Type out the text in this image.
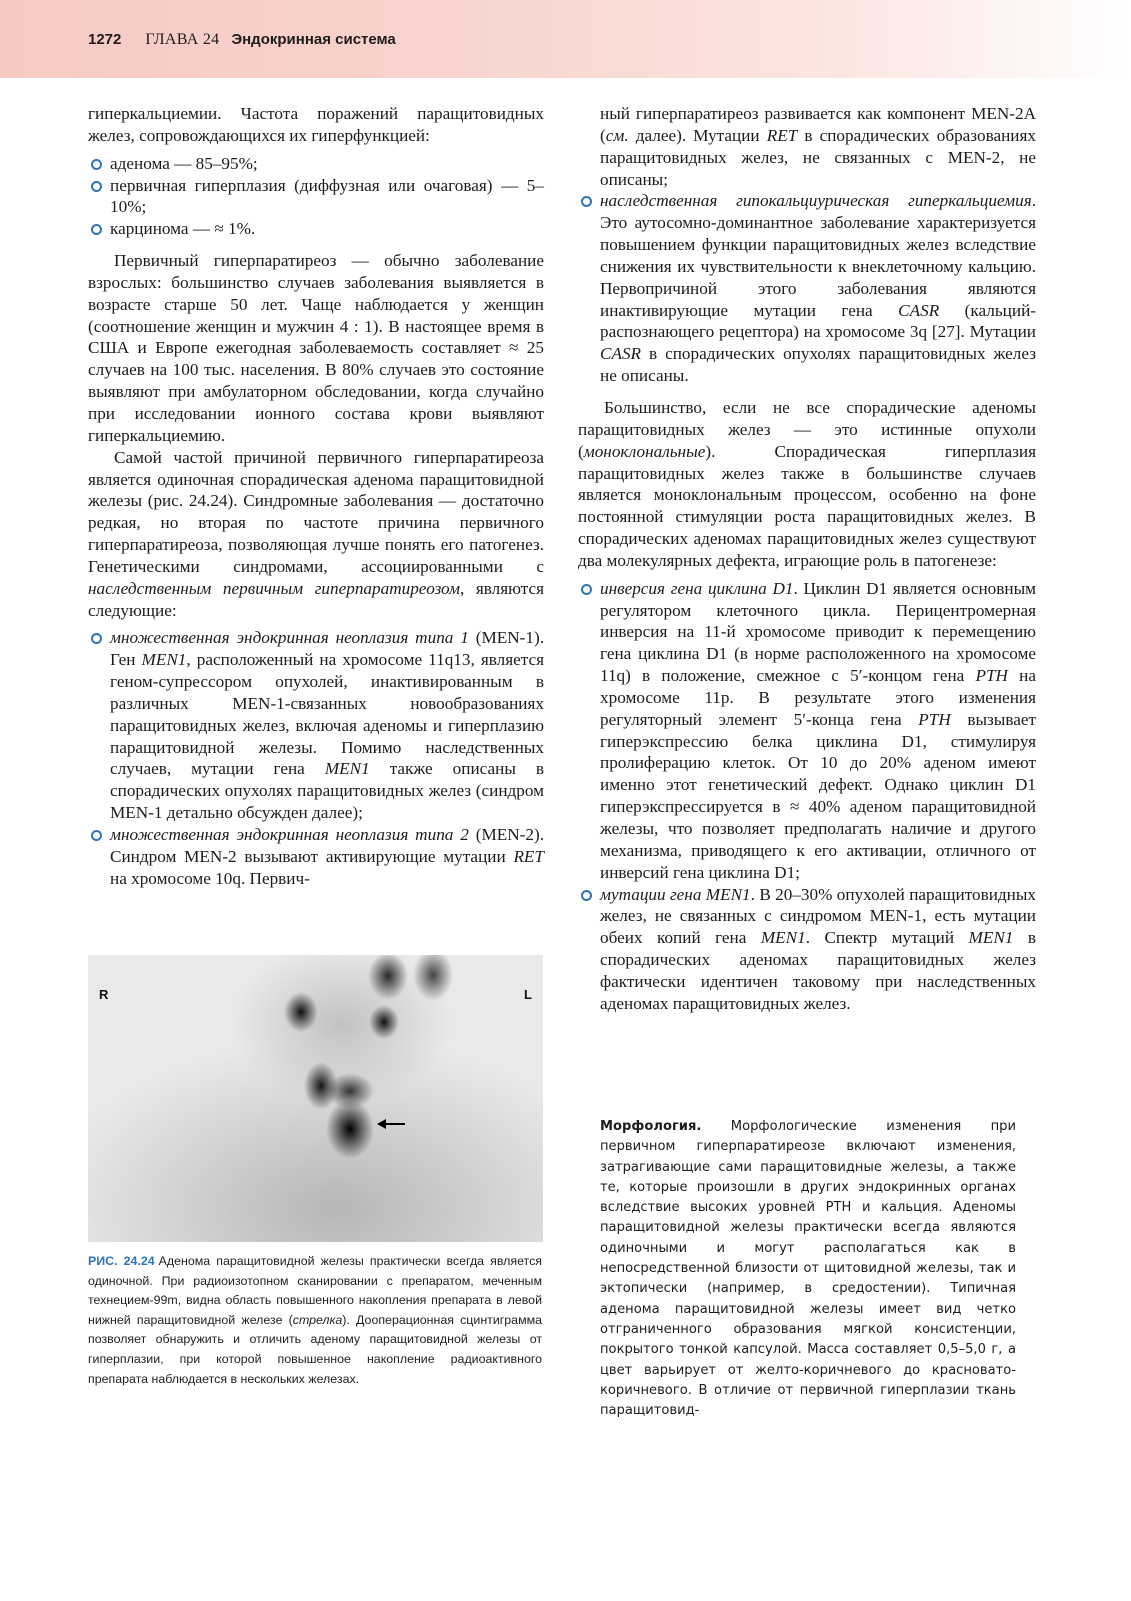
1272 ГЛАВА 24 Эндокринная система

гиперкальциемии. Частота поражений паращитовидных желез, сопровождающихся их гиперфункцией:

аденома — 85–95%;

первичная гиперплазия (диффузная или очаговая) — 5–10%;

карцинома — ≈ 1%.

Первичный гиперпаратиреоз — обычно заболевание взрослых: большинство случаев заболевания выявляется в возрасте старше 50 лет. Чаще наблюдается у женщин (соотношение женщин и мужчин 4 : 1). В настоящее время в США и Европе ежегодная заболеваемость составляет ≈ 25 случаев на 100 тыс. населения. В 80% случаев это состояние выявляют при амбулаторном обследовании, когда случайно при исследовании ионного состава крови выявляют гиперкальциемию.

Самой частой причиной первичного гиперпаратиреоза является одиночная спорадическая аденома паращитовидной железы (рис. 24.24). Синдромные заболевания — достаточно редкая, но вторая по частоте причина первичного гиперпаратиреоза, позволяющая лучше понять его патогенез. Генетическими синдромами, ассоциированными с наследственным первичным гиперпаратиреозом, являются следующие:

множественная эндокринная неоплазия типа 1 (MEN-1). Ген MEN1, расположенный на хромосоме 11q13, является геном-супрессором опухолей, инактивированным в различных MEN-1-связанных новообразованиях паращитовидных желез, включая аденомы и гиперплазию паращитовидной железы. Помимо наследственных случаев, мутации гена MEN1 также описаны в спорадических опухолях паращитовидных желез (синдром MEN-1 детально обсужден далее);

множественная эндокринная неоплазия типа 2 (MEN-2). Синдром MEN-2 вызывают активирующие мутации RET на хромосоме 10q. Первич-

R	L

РИС. 24.24 Аденома паращитовидной железы практически всегда является одиночной. При радиоизотопном сканировании с препаратом, меченным технецием-99m, видна область повышенного накопления препарата в левой нижней паращитовидной железе (стрелка). Дооперационная сцинтиграмма позволяет обнаружить и отличить аденому паращитовидной железы от гиперплазии, при которой повышенное накопление радиоактивного препарата наблюдается в нескольких железах.

ный гиперпаратиреоз развивается как компонент MEN-2A (см. далее). Мутации RET в спорадических образованиях паращитовидных желез, не связанных с MEN-2, не описаны;

наследственная гипокальциурическая гиперкальциемия. Это аутосомно-доминантное заболевание характеризуется повышением функции паращитовидных желез вследствие снижения их чувствительности к внеклеточному кальцию. Первопричиной этого заболевания являются инактивирующие мутации гена CASR (кальций-распознающего рецептора) на хромосоме 3q [27]. Мутации CASR в спорадических опухолях паращитовидных желез не описаны.

Большинство, если не все спорадические аденомы паращитовидных желез — это истинные опухоли (моноклональные). Спорадическая гиперплазия паращитовидных желез также в большинстве случаев является моноклональным процессом, особенно на фоне постоянной стимуляции роста паращитовидных желез. В спорадических аденомах паращитовидных желез существуют два молекулярных дефекта, играющие роль в патогенезе:

инверсия гена циклина D1. Циклин D1 является основным регулятором клеточного цикла. Перицентромерная инверсия на 11-й хромосоме приводит к перемещению гена циклина D1 (в норме расположенного на хромосоме 11q) в положение, смежное с 5′-концом гена PTH на хромосоме 11p. В результате этого изменения регуляторный элемент 5′-конца гена PTH вызывает гиперэкспрессию белка циклина D1, стимулируя пролиферацию клеток. От 10 до 20% аденом имеют именно этот генетический дефект. Однако циклин D1 гиперэкспрессируется в ≈ 40% аденом паращитовидной железы, что позволяет предполагать наличие и другого механизма, приводящего к его активации, отличного от инверсий гена циклина D1;

мутации гена MEN1. В 20–30% опухолей паращитовидных желез, не связанных с синдромом MEN-1, есть мутации обеих копий гена MEN1. Спектр мутаций MEN1 в спорадических аденомах паращитовидных желез фактически идентичен таковому при наследственных аденомах паращитовидных желез.

Морфология. Морфологические изменения при первичном гиперпаратиреозе включают изменения, затрагивающие сами паращитовидные железы, а также те, которые произошли в других эндокринных органах вследствие высоких уровней PTH и кальция. Аденомы паращитовидной железы практически всегда являются одиночными и могут располагаться как в непосредственной близости от щитовидной железы, так и эктопически (например, в средостении). Типичная аденома паращитовидной железы имеет вид четко отграниченного образования мягкой консистенции, покрытого тонкой капсулой. Масса составляет 0,5–5,0 г, а цвет варьирует от желто-коричневого до красновато-коричневого. В отличие от первичной гиперплазии ткань паращитовид-
